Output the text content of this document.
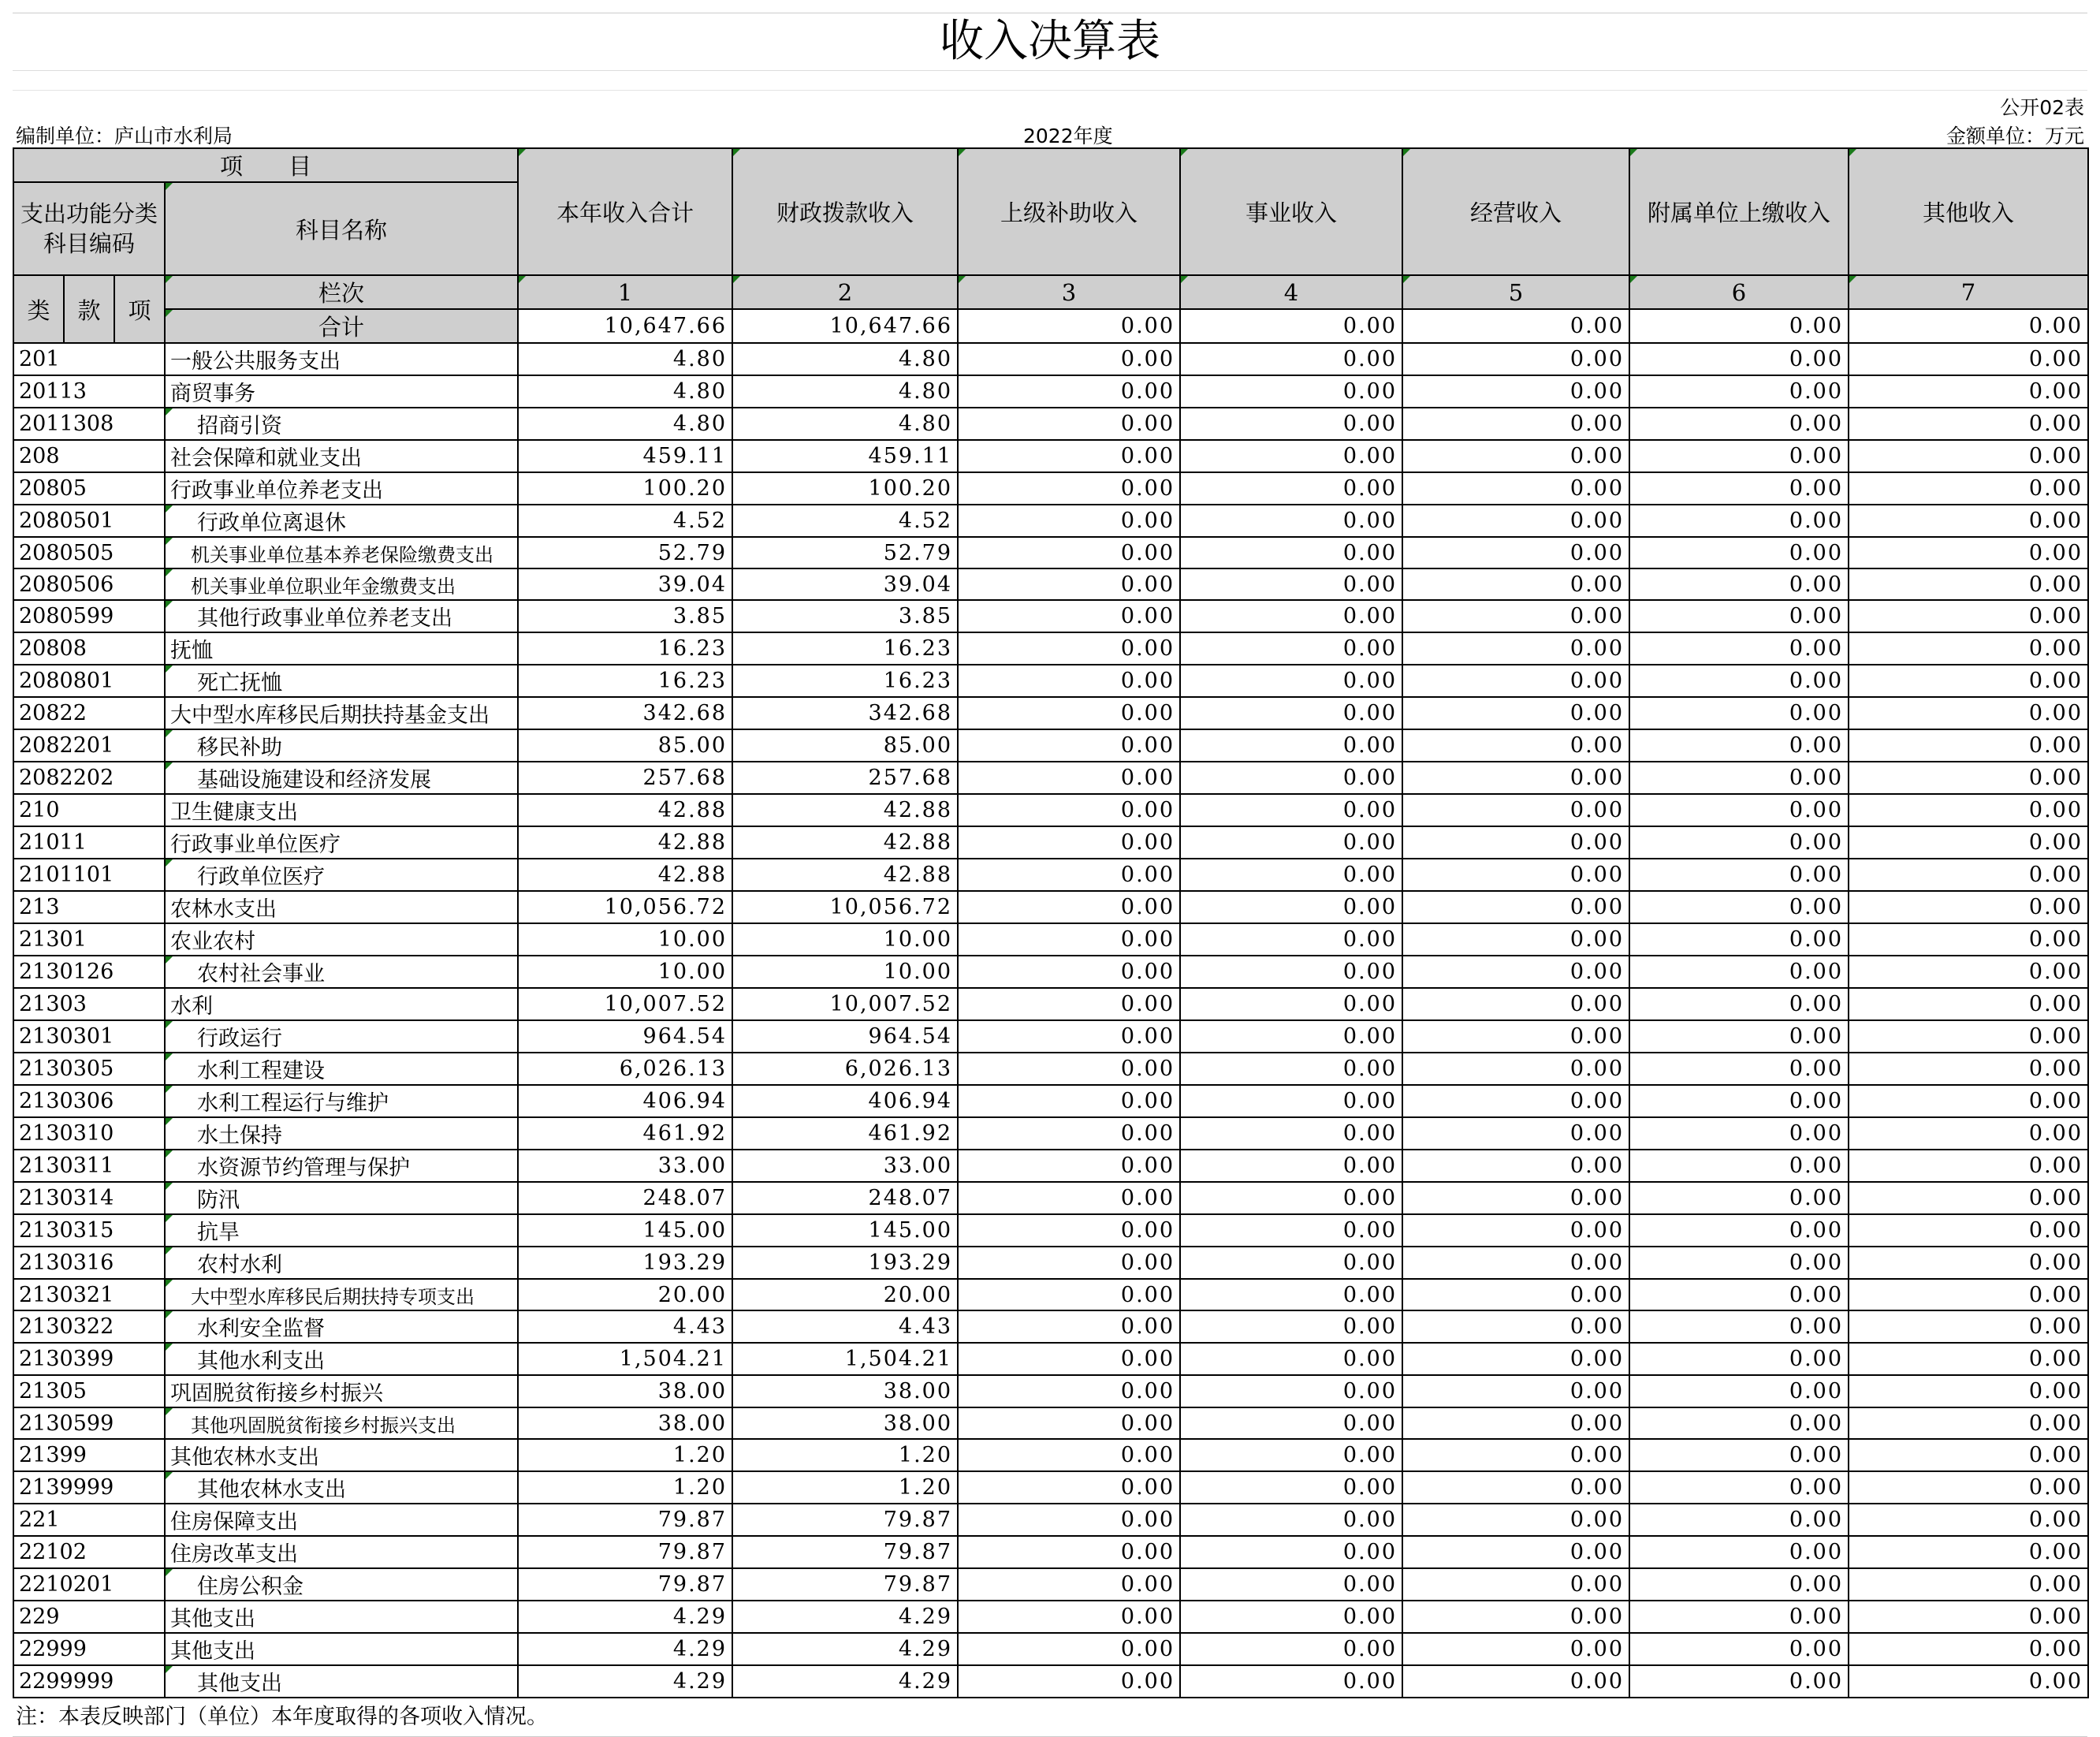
收入决算表
公开02表
编制单位：庐山市水利局	2022年度	金额单位：万元
项　　目				本年收入合计	财政拨款收入	上级补助收入	事业收入	经营收入	附属单位上缴收入	其他收入
支出功能分类科目编码			科目名称							
类	款	项	栏次	1	2	3	4	5	6	7
			合计	10,647.66	10,647.66	0.00	0.00	0.00	0.00	0.00
201			一般公共服务支出	4.80	4.80	0.00	0.00	0.00	0.00	0.00
20113			商贸事务	4.80	4.80	0.00	0.00	0.00	0.00	0.00
2011308			招商引资	4.80	4.80	0.00	0.00	0.00	0.00	0.00
208			社会保障和就业支出	459.11	459.11	0.00	0.00	0.00	0.00	0.00
20805			行政事业单位养老支出	100.20	100.20	0.00	0.00	0.00	0.00	0.00
2080501			行政单位离退休	4.52	4.52	0.00	0.00	0.00	0.00	0.00
2080505			机关事业单位基本养老保险缴费支出	52.79	52.79	0.00	0.00	0.00	0.00	0.00
2080506			机关事业单位职业年金缴费支出	39.04	39.04	0.00	0.00	0.00	0.00	0.00
2080599			其他行政事业单位养老支出	3.85	3.85	0.00	0.00	0.00	0.00	0.00
20808			抚恤	16.23	16.23	0.00	0.00	0.00	0.00	0.00
2080801			死亡抚恤	16.23	16.23	0.00	0.00	0.00	0.00	0.00
20822			大中型水库移民后期扶持基金支出	342.68	342.68	0.00	0.00	0.00	0.00	0.00
2082201			移民补助	85.00	85.00	0.00	0.00	0.00	0.00	0.00
2082202			基础设施建设和经济发展	257.68	257.68	0.00	0.00	0.00	0.00	0.00
210			卫生健康支出	42.88	42.88	0.00	0.00	0.00	0.00	0.00
21011			行政事业单位医疗	42.88	42.88	0.00	0.00	0.00	0.00	0.00
2101101			行政单位医疗	42.88	42.88	0.00	0.00	0.00	0.00	0.00
213			农林水支出	10,056.72	10,056.72	0.00	0.00	0.00	0.00	0.00
21301			农业农村	10.00	10.00	0.00	0.00	0.00	0.00	0.00
2130126			农村社会事业	10.00	10.00	0.00	0.00	0.00	0.00	0.00
21303			水利	10,007.52	10,007.52	0.00	0.00	0.00	0.00	0.00
2130301			行政运行	964.54	964.54	0.00	0.00	0.00	0.00	0.00
2130305			水利工程建设	6,026.13	6,026.13	0.00	0.00	0.00	0.00	0.00
2130306			水利工程运行与维护	406.94	406.94	0.00	0.00	0.00	0.00	0.00
2130310			水土保持	461.92	461.92	0.00	0.00	0.00	0.00	0.00
2130311			水资源节约管理与保护	33.00	33.00	0.00	0.00	0.00	0.00	0.00
2130314			防汛	248.07	248.07	0.00	0.00	0.00	0.00	0.00
2130315			抗旱	145.00	145.00	0.00	0.00	0.00	0.00	0.00
2130316			农村水利	193.29	193.29	0.00	0.00	0.00	0.00	0.00
2130321			大中型水库移民后期扶持专项支出	20.00	20.00	0.00	0.00	0.00	0.00	0.00
2130322			水利安全监督	4.43	4.43	0.00	0.00	0.00	0.00	0.00
2130399			其他水利支出	1,504.21	1,504.21	0.00	0.00	0.00	0.00	0.00
21305			巩固脱贫衔接乡村振兴	38.00	38.00	0.00	0.00	0.00	0.00	0.00
2130599			其他巩固脱贫衔接乡村振兴支出	38.00	38.00	0.00	0.00	0.00	0.00	0.00
21399			其他农林水支出	1.20	1.20	0.00	0.00	0.00	0.00	0.00
2139999			其他农林水支出	1.20	1.20	0.00	0.00	0.00	0.00	0.00
221			住房保障支出	79.87	79.87	0.00	0.00	0.00	0.00	0.00
22102			住房改革支出	79.87	79.87	0.00	0.00	0.00	0.00	0.00
2210201			住房公积金	79.87	79.87	0.00	0.00	0.00	0.00	0.00
229			其他支出	4.29	4.29	0.00	0.00	0.00	0.00	0.00
22999			其他支出	4.29	4.29	0.00	0.00	0.00	0.00	0.00
2299999			其他支出	4.29	4.29	0.00	0.00	0.00	0.00	0.00
注：本表反映部门（单位）本年度取得的各项收入情况。
